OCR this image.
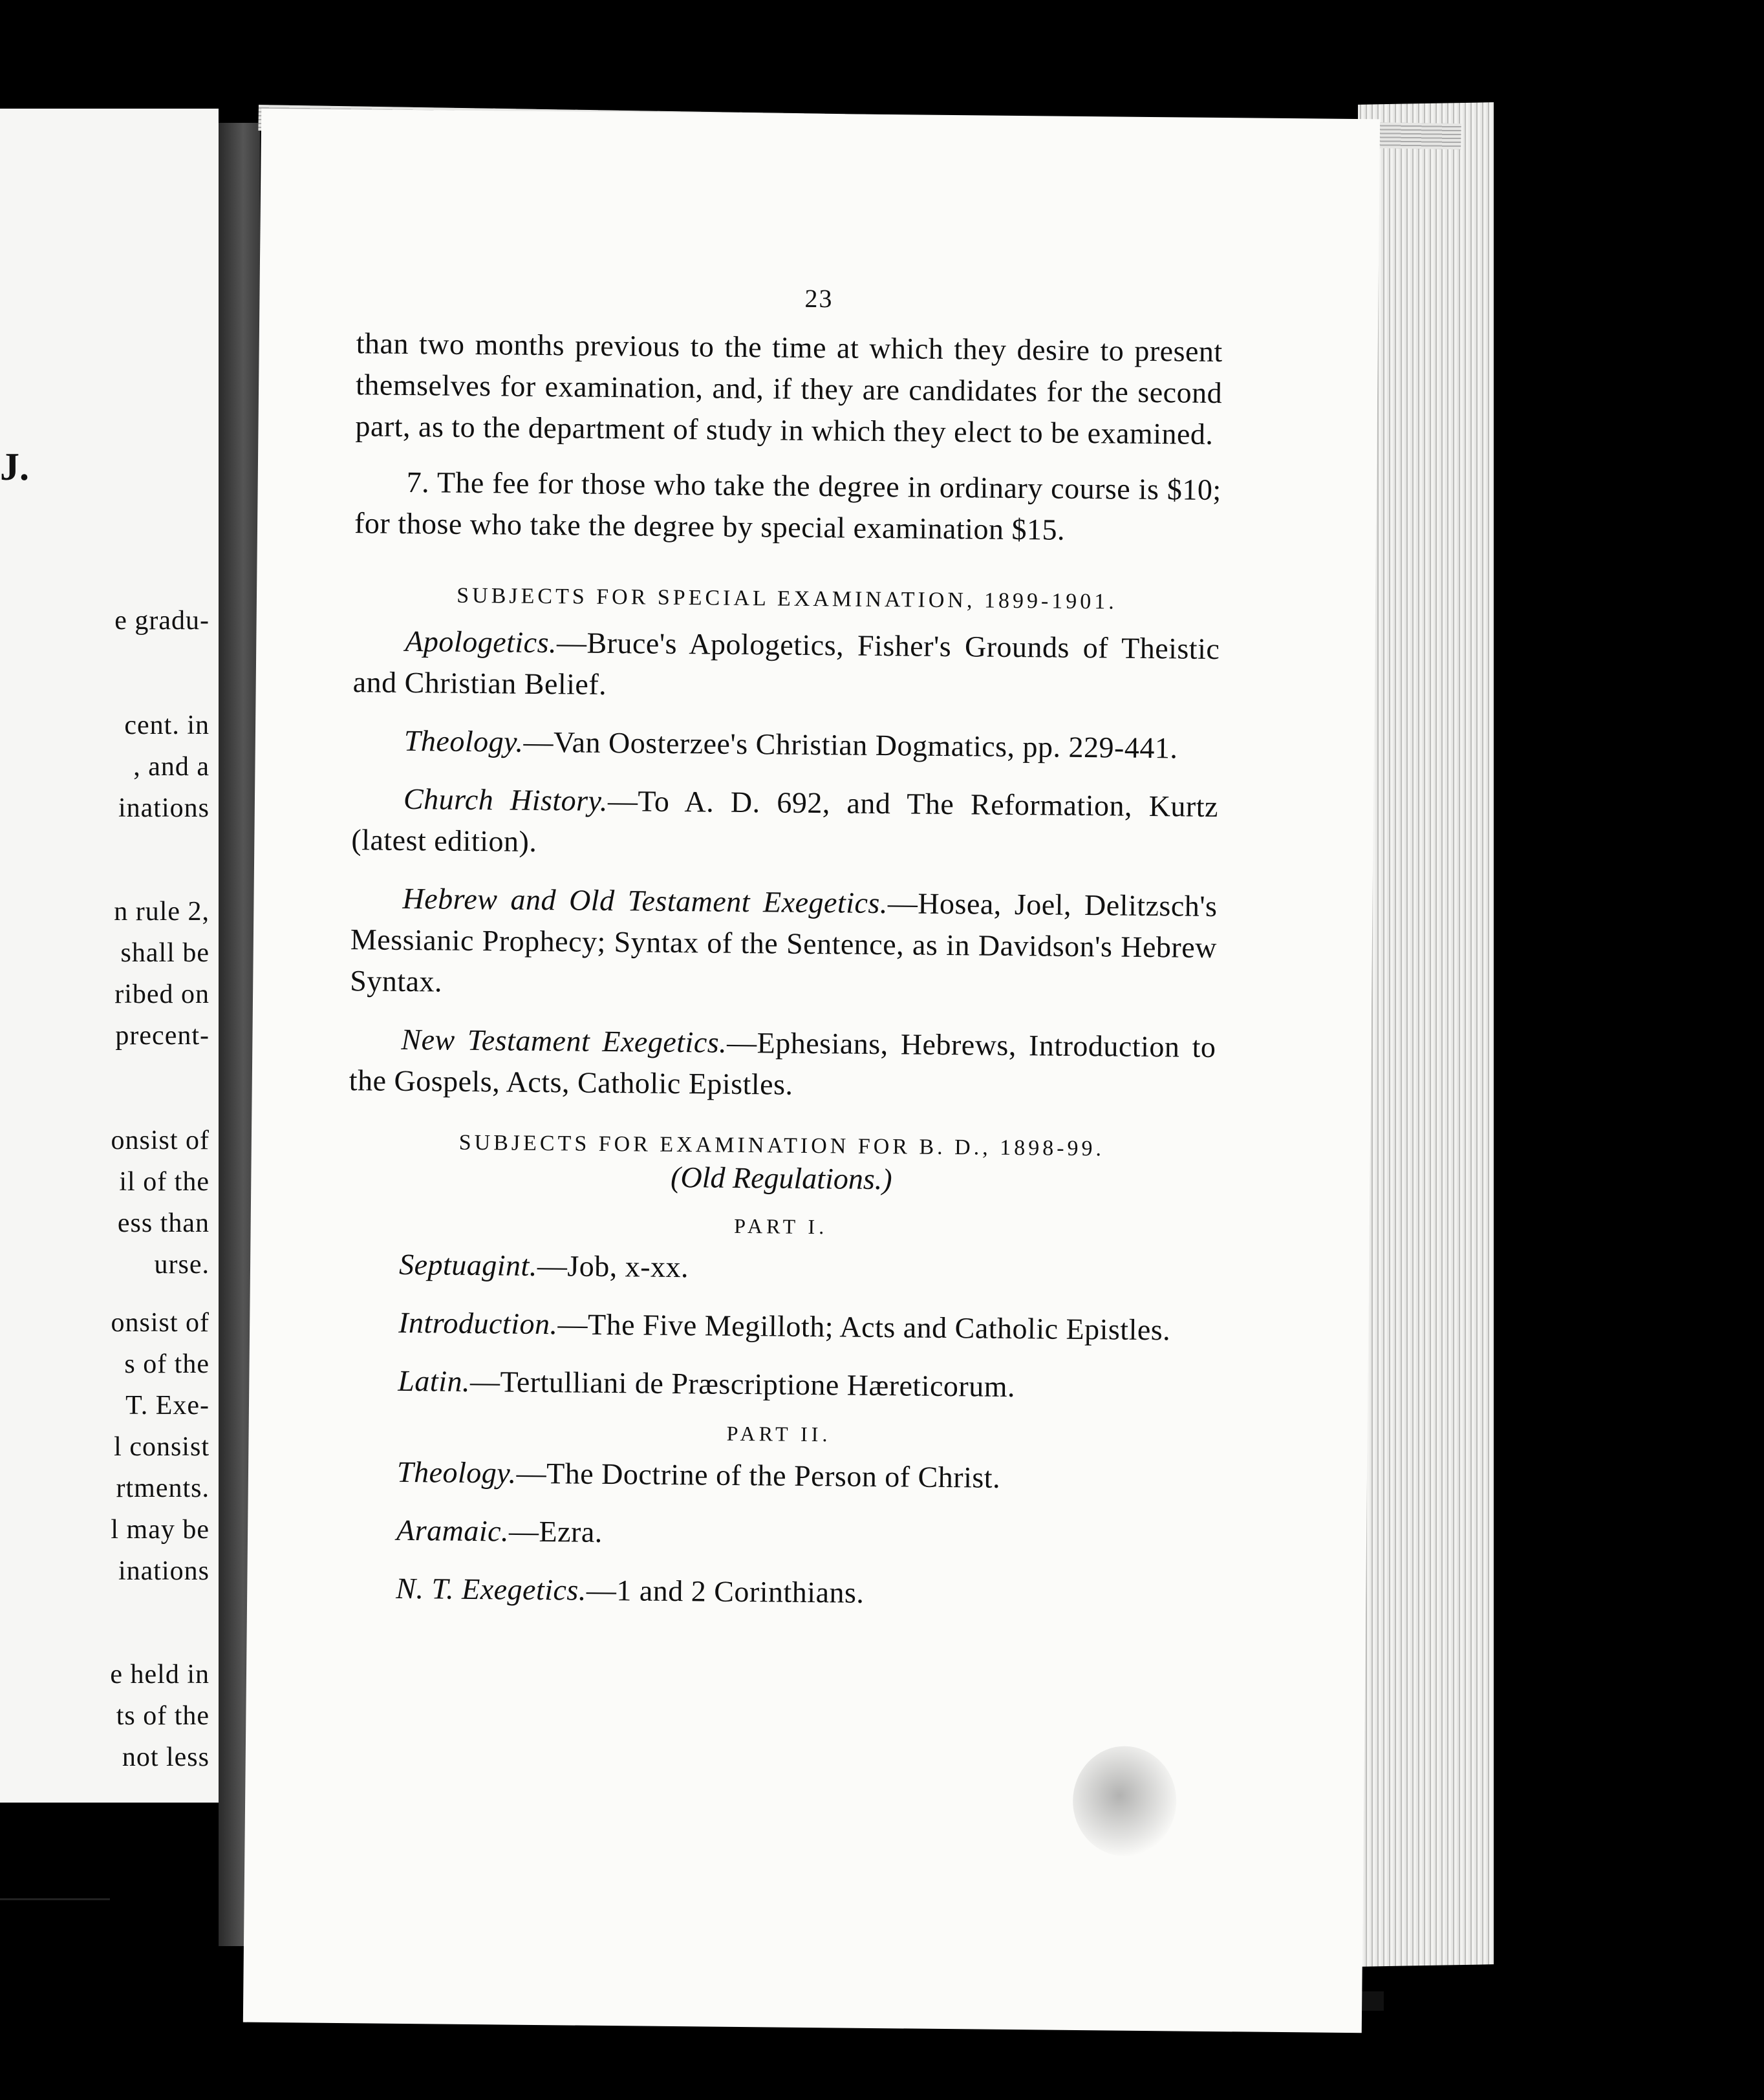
J.
e gradu-
cent. in
, and a
inations
n rule 2,
shall be
ribed on
precent-
onsist of
il of the
ess than
urse.
onsist of
s of the
T. Exe-
l consist
rtments.
l may be
inations
e held in
ts of the
not less
23

than two months previous to the time at which they desire to present themselves for examination, and, if they are candidates for the second part, as to the department of study in which they elect to be examined.

7. The fee for those who take the degree in ordinary course is $10; for those who take the degree by special examination $15.

SUBJECTS FOR SPECIAL EXAMINATION, 1899-1901.

Apologetics.—Bruce's Apologetics, Fisher's Grounds of Theistic and Christian Belief.

Theology.—Van Oosterzee's Christian Dogmatics, pp. 229-441.

Church History.—To A. D. 692, and The Reformation, Kurtz (latest edition).

Hebrew and Old Testament Exegetics.—Hosea, Joel, Delitzsch's Messianic Prophecy; Syntax of the Sentence, as in Davidson's Hebrew Syntax.

New Testament Exegetics.—Ephesians, Hebrews, Introduction to the Gospels, Acts, Catholic Epistles.

SUBJECTS FOR EXAMINATION FOR B. D., 1898-99.
(Old Regulations.)
PART I.

Septuagint.—Job, x-xx.

Introduction.—The Five Megilloth; Acts and Catholic Epistles.

Latin.—Tertulliani de Præscriptione Hæreticorum.

PART II.

Theology.—The Doctrine of the Person of Christ.

Aramaic.—Ezra.

N. T. Exegetics.—1 and 2 Corinthians.
